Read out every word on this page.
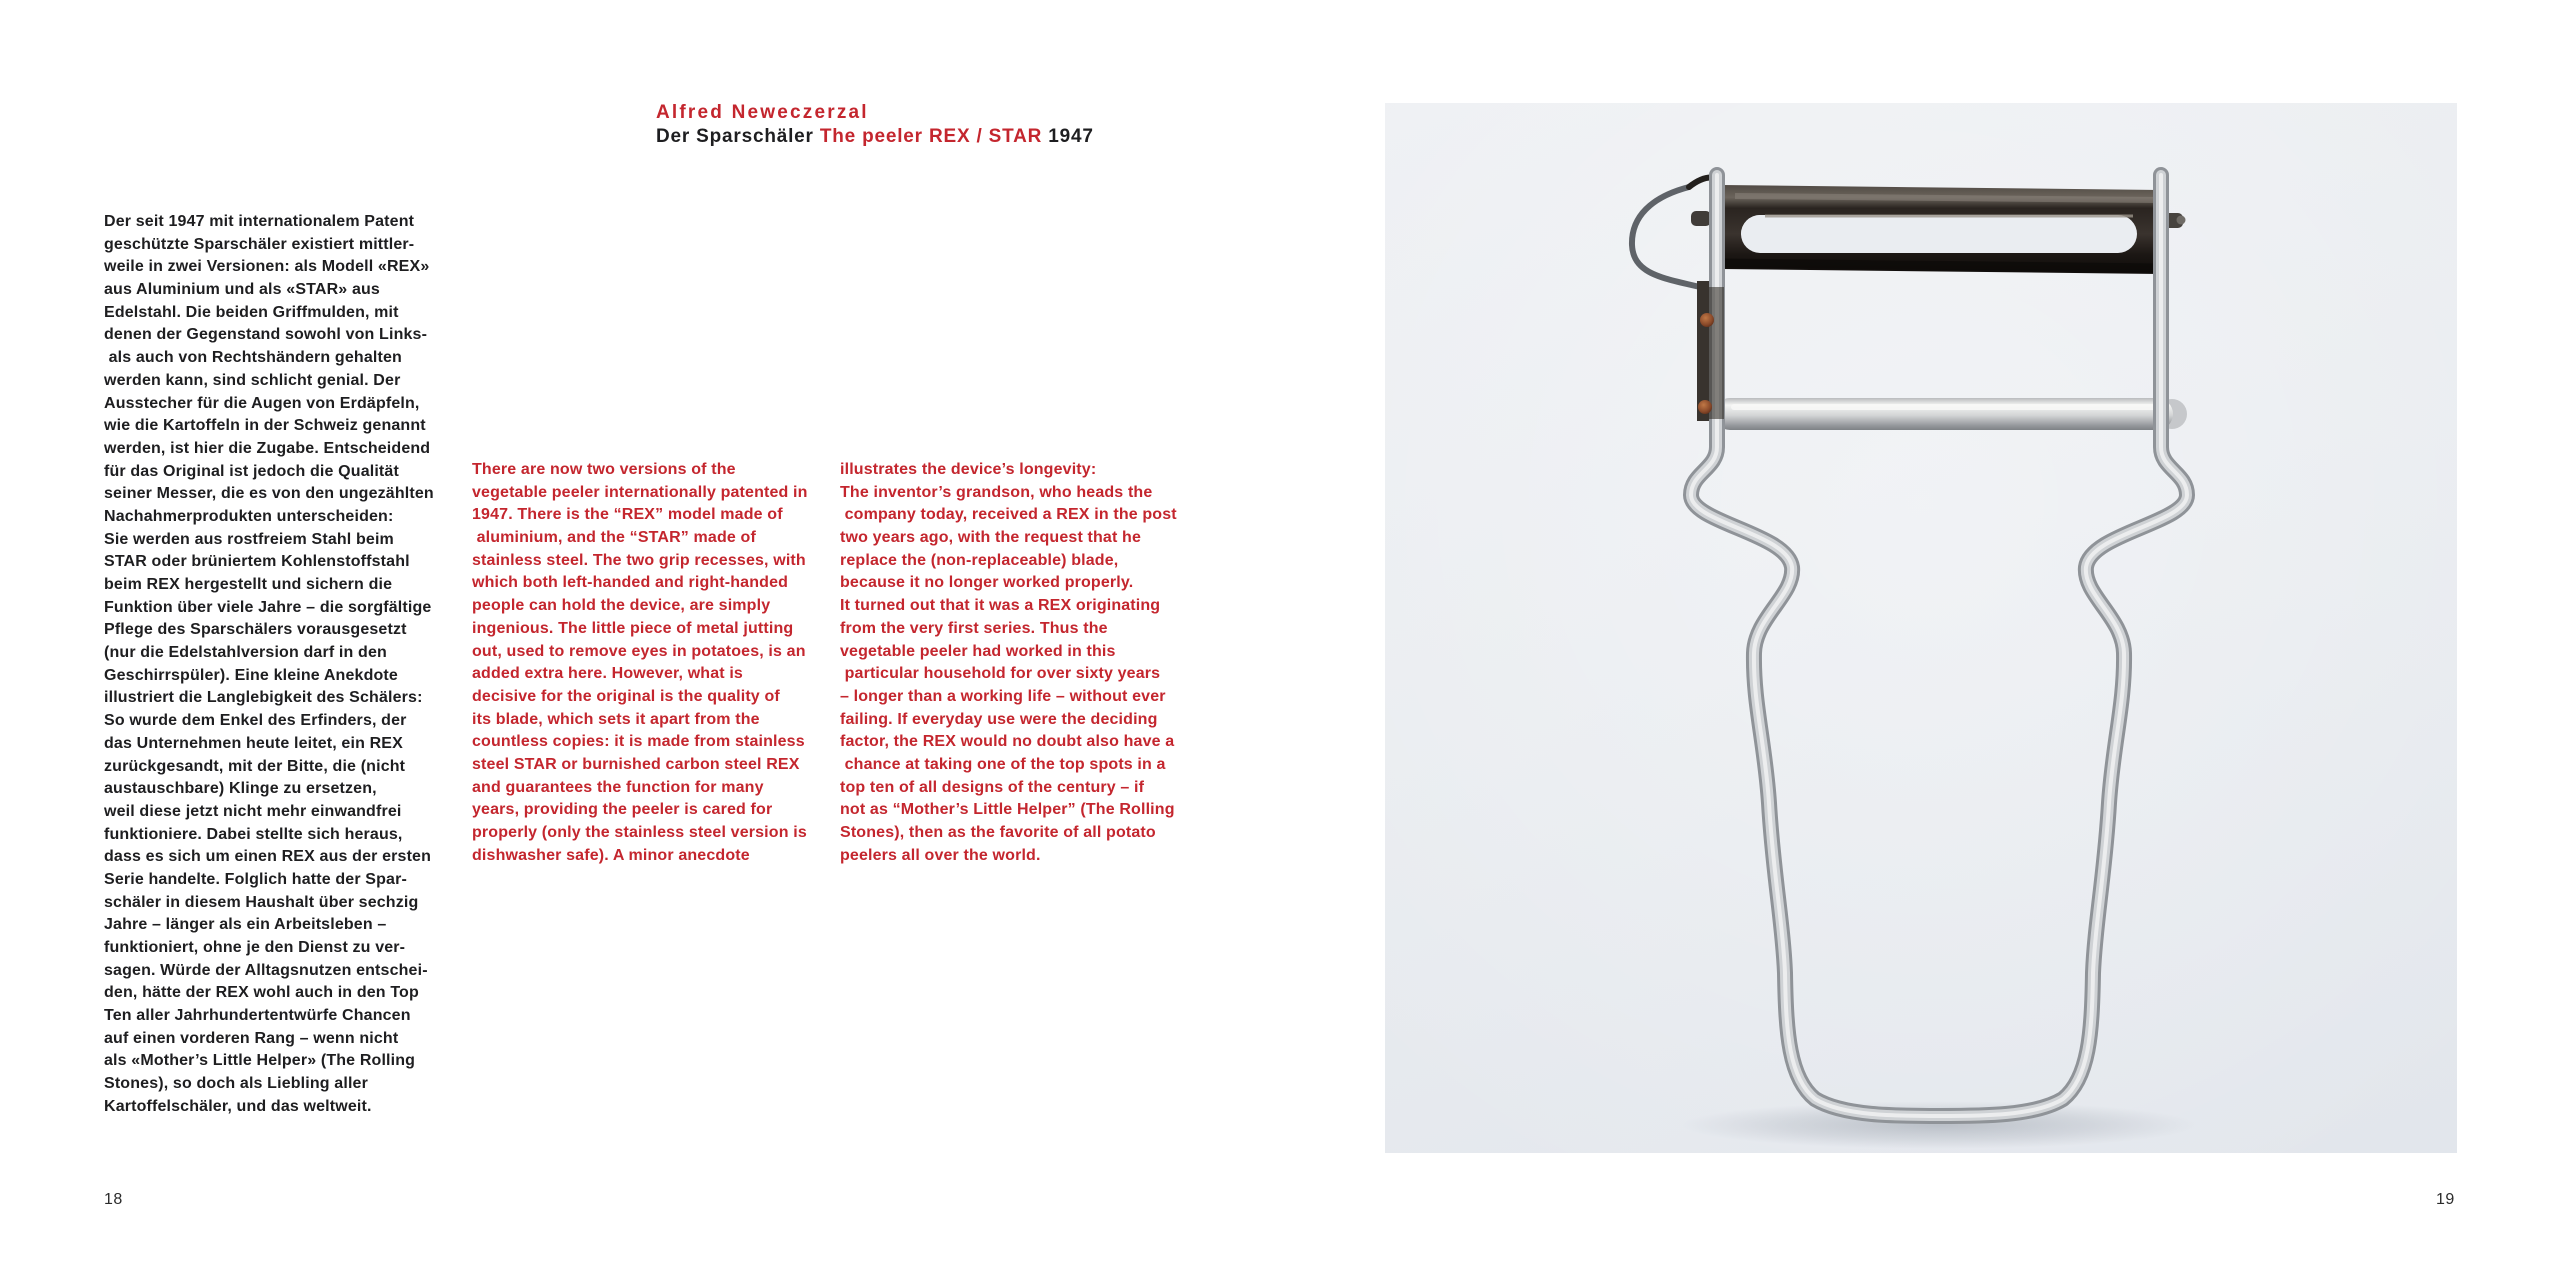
Alfred Neweczerzal
Der Sparschäler The peeler REX / STAR 1947
Der seit 1947 mit internationalem Patent
geschützte Sparschäler existiert mittler-
weile in zwei Versionen: als Modell «REX»
aus Aluminium und als «STAR» aus
Edelstahl. Die beiden Griffmulden, mit
denen der Gegenstand sowohl von Links-
als auch von Rechtshändern gehalten
werden kann, sind schlicht genial. Der
Ausstecher für die Augen von Erdäpfeln,
wie die Kartoffeln in der Schweiz genannt
werden, ist hier die Zugabe. Entscheidend
für das Original ist jedoch die Qualität
seiner Messer, die es von den ungezählten
Nachahmerprodukten unterscheiden:
Sie werden aus rostfreiem Stahl beim
STAR oder brüniertem Kohlenstoffstahl
beim REX hergestellt und sichern die
Funktion über viele Jahre – die sorgfältige
Pflege des Sparschälers vorausgesetzt
(nur die Edelstahlversion darf in den
Geschirrspüler). Eine kleine Anekdote
illustriert die Langlebigkeit des Schälers:
So wurde dem Enkel des Erfinders, der
das Unternehmen heute leitet, ein REX
zurückgesandt, mit der Bitte, die (nicht
austauschbare) Klinge zu ersetzen,
weil diese jetzt nicht mehr einwandfrei
funktioniere. Dabei stellte sich heraus,
dass es sich um einen REX aus der ersten
Serie handelte. Folglich hatte der Spar-
schäler in diesem Haushalt über sechzig
Jahre – länger als ein Arbeitsleben –
funktioniert, ohne je den Dienst zu ver-
sagen. Würde der Alltagsnutzen entschei-
den, hätte der REX wohl auch in den Top
Ten aller Jahrhundertentwürfe Chancen
auf einen vorderen Rang – wenn nicht
als «Mother’s Little Helper» (The Rolling
Stones), so doch als Liebling aller
Kartoffelschäler, und das weltweit.
There are now two versions of the
vegetable peeler internationally patented in
1947. There is the “REX” model made of
aluminium, and the “STAR” made of
stainless steel. The two grip recesses, with
which both left-handed and right-handed
people can hold the device, are simply
ingenious. The little piece of metal jutting
out, used to remove eyes in potatoes, is an
added extra here. However, what is
decisive for the original is the quality of
its blade, which sets it apart from the
countless copies: it is made from stainless
steel STAR or burnished carbon steel REX
and guarantees the function for many
years, providing the peeler is cared for
properly (only the stainless steel version is
dishwasher safe). A minor anecdote
illustrates the device’s longevity:
The inventor’s grandson, who heads the
company today, received a REX in the post
two years ago, with the request that he
replace the (non-replaceable) blade,
because it no longer worked properly.
It turned out that it was a REX originating
from the very first series. Thus the
vegetable peeler had worked in this
particular household for over sixty years
– longer than a working life – without ever
failing. If everyday use were the deciding
factor, the REX would no doubt also have a
chance at taking one of the top spots in a
top ten of all designs of the century – if
not as “Mother’s Little Helper” (The Rolling
Stones), then as the favorite of all potato
peelers all over the world.
18	19
